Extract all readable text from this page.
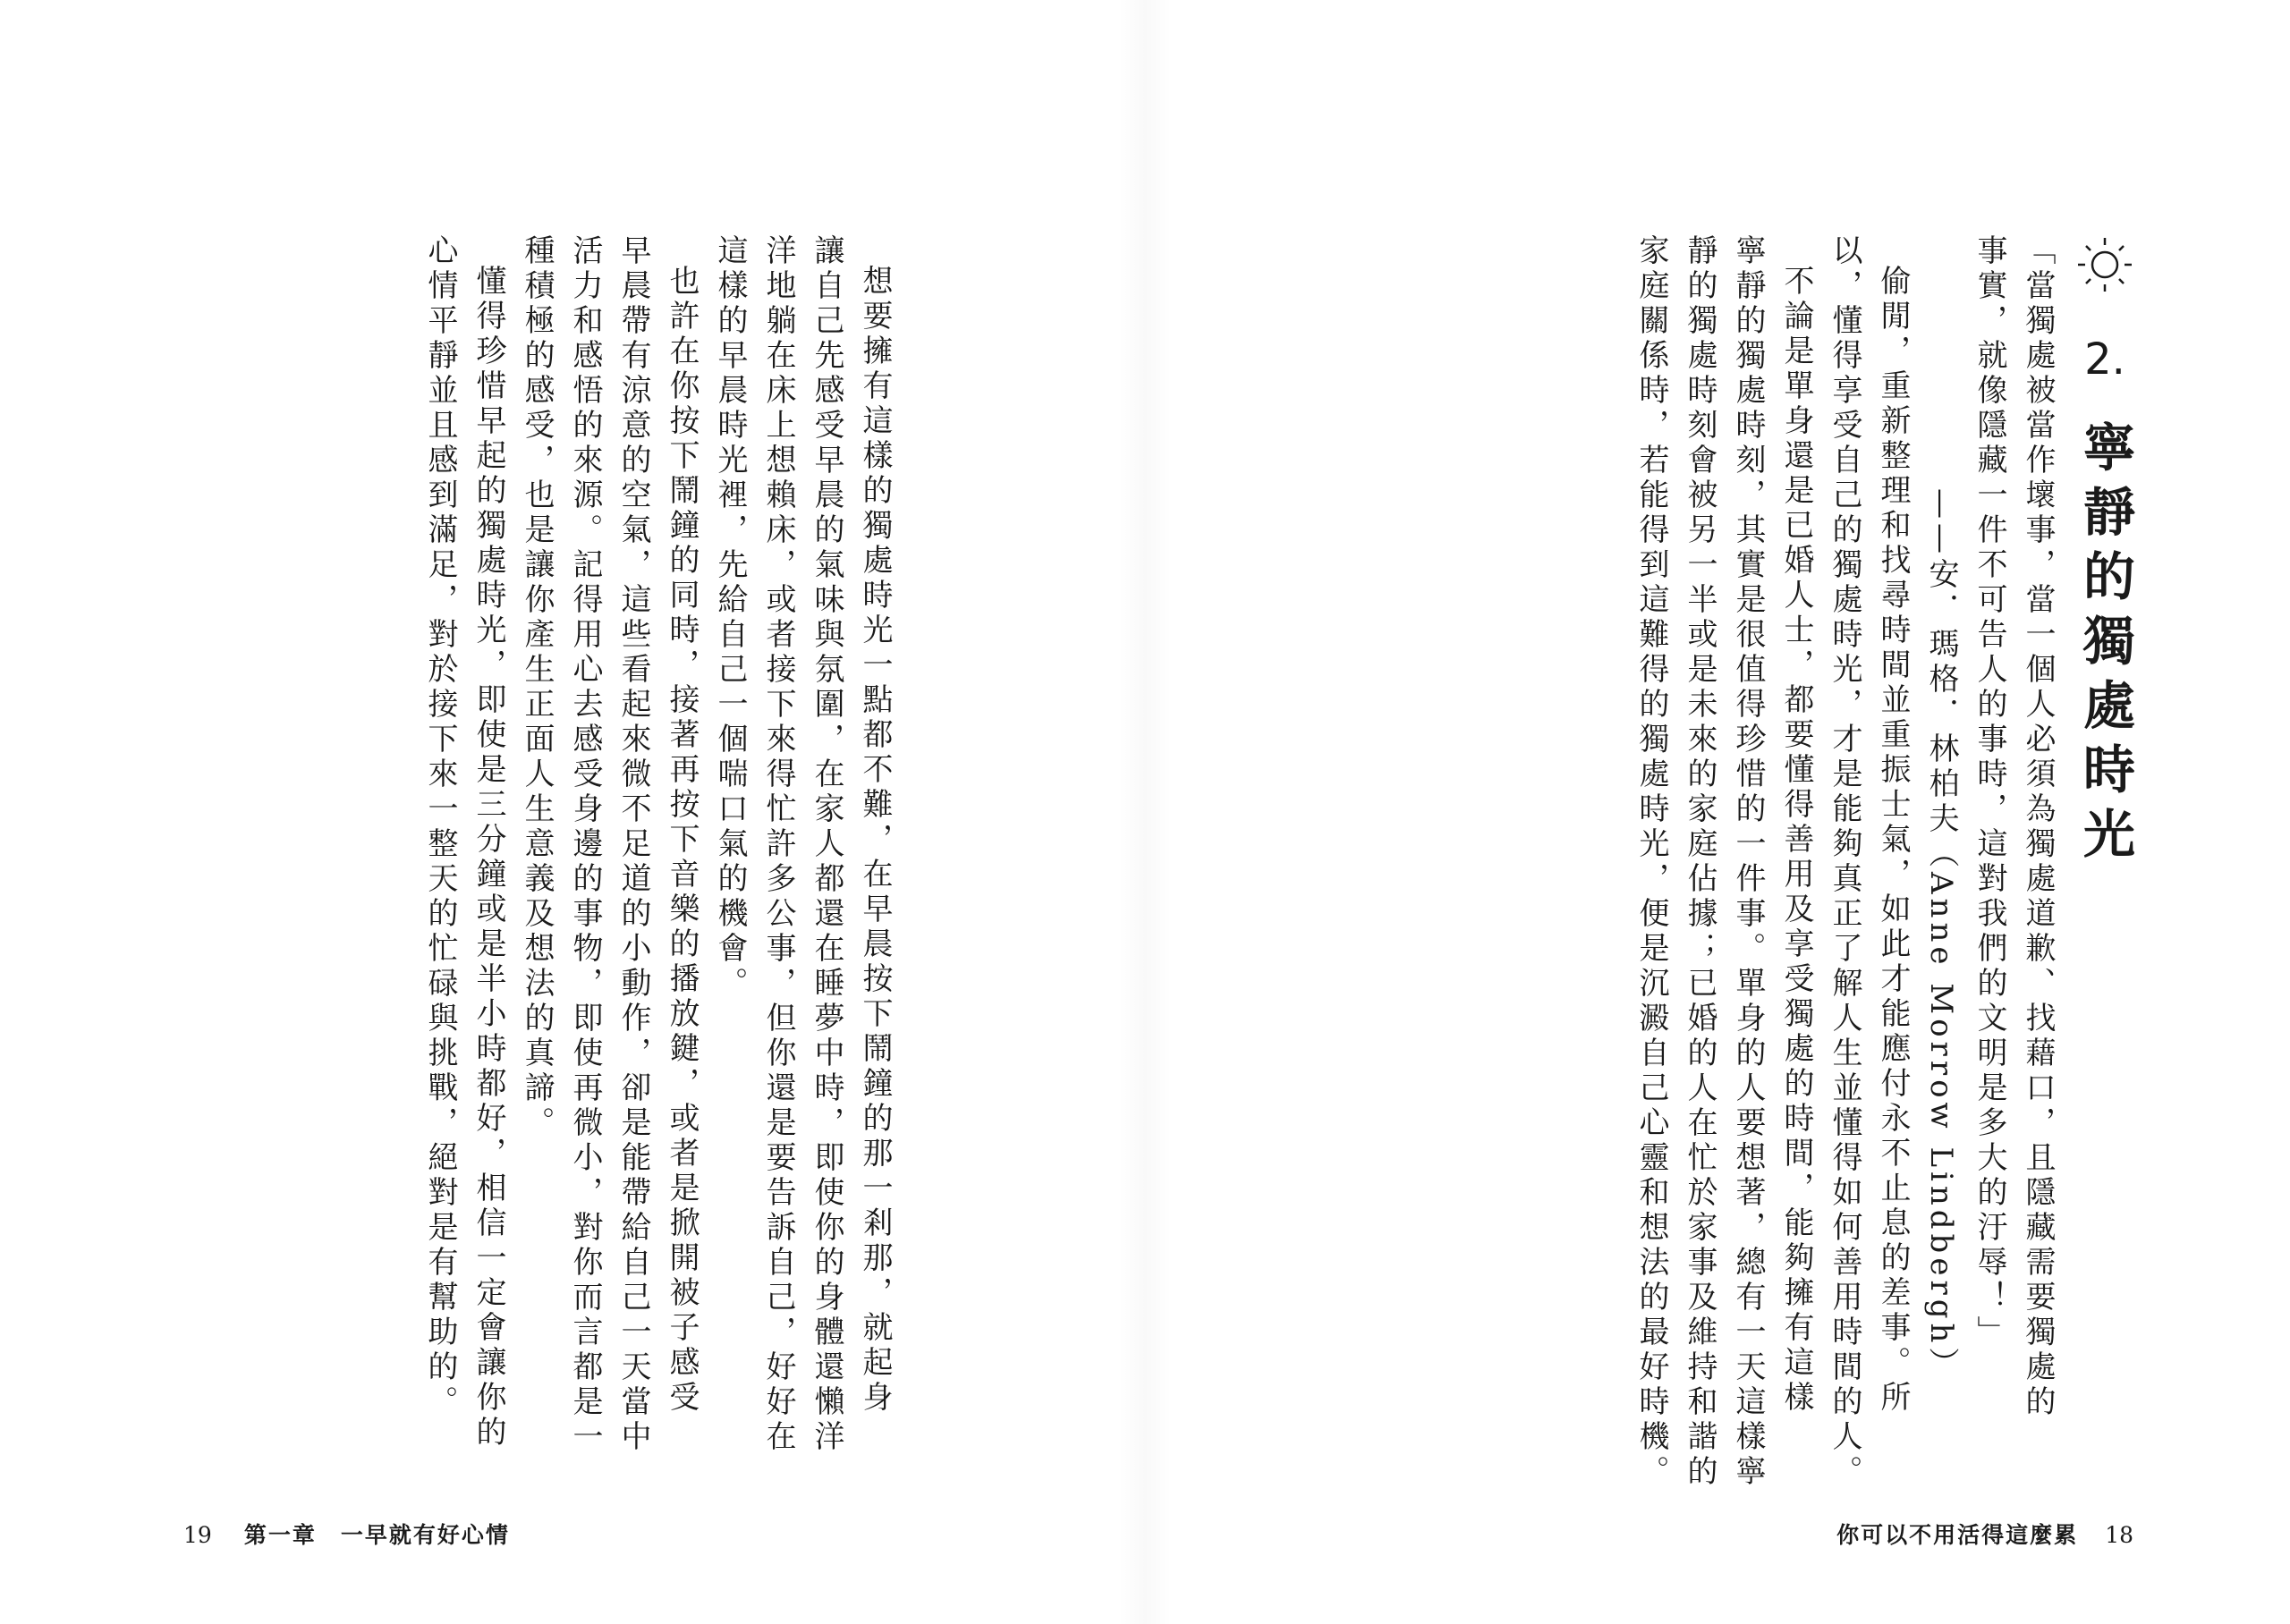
2.
寧靜的獨處時光

「當獨處被當作壞事，當一個人必須為獨處道歉、找藉口，且隱藏需要獨處的

事實，就像隱藏一件不可告人的事時，這對我們的文明是多大的汙辱！」

——安．瑪格．林柏夫（Anne Morrow Lindbergh）

偷閒，重新整理和找尋時間並重振士氣，如此才能應付永不止息的差事。所

以，懂得享受自己的獨處時光，才是能夠真正了解人生並懂得如何善用時間的人。

不論是單身還是已婚人士，都要懂得善用及享受獨處的時間，能夠擁有這樣

寧靜的獨處時刻，其實是很值得珍惜的一件事。單身的人要想著，總有一天這樣寧

靜的獨處時刻會被另一半或是未來的家庭佔據；已婚的人在忙於家事及維持和諧的

家庭關係時，若能得到這難得的獨處時光，便是沉澱自己心靈和想法的最好時機。

你可以不用活得這麼累 18

想要擁有這樣的獨處時光一點都不難，在早晨按下鬧鐘的那一剎那，就起身

讓自己先感受早晨的氣味與氛圍，在家人都還在睡夢中時，即使你的身體還懶洋

洋地躺在床上想賴床，或者接下來得忙許多公事，但你還是要告訴自己，好好在

這樣的早晨時光裡，先給自己一個喘口氣的機會。

也許在你按下鬧鐘的同時，接著再按下音樂的播放鍵，或者是掀開被子感受

早晨帶有涼意的空氣，這些看起來微不足道的小動作，卻是能帶給自己一天當中

活力和感悟的來源。記得用心去感受身邊的事物，即使再微小，對你而言都是一

種積極的感受，也是讓你產生正面人生意義及想法的真諦。

懂得珍惜早起的獨處時光，即使是三分鐘或是半小時都好，相信一定會讓你的

心情平靜並且感到滿足，對於接下來一整天的忙碌與挑戰，絕對是有幫助的。

19 第一章　一早就有好心情
